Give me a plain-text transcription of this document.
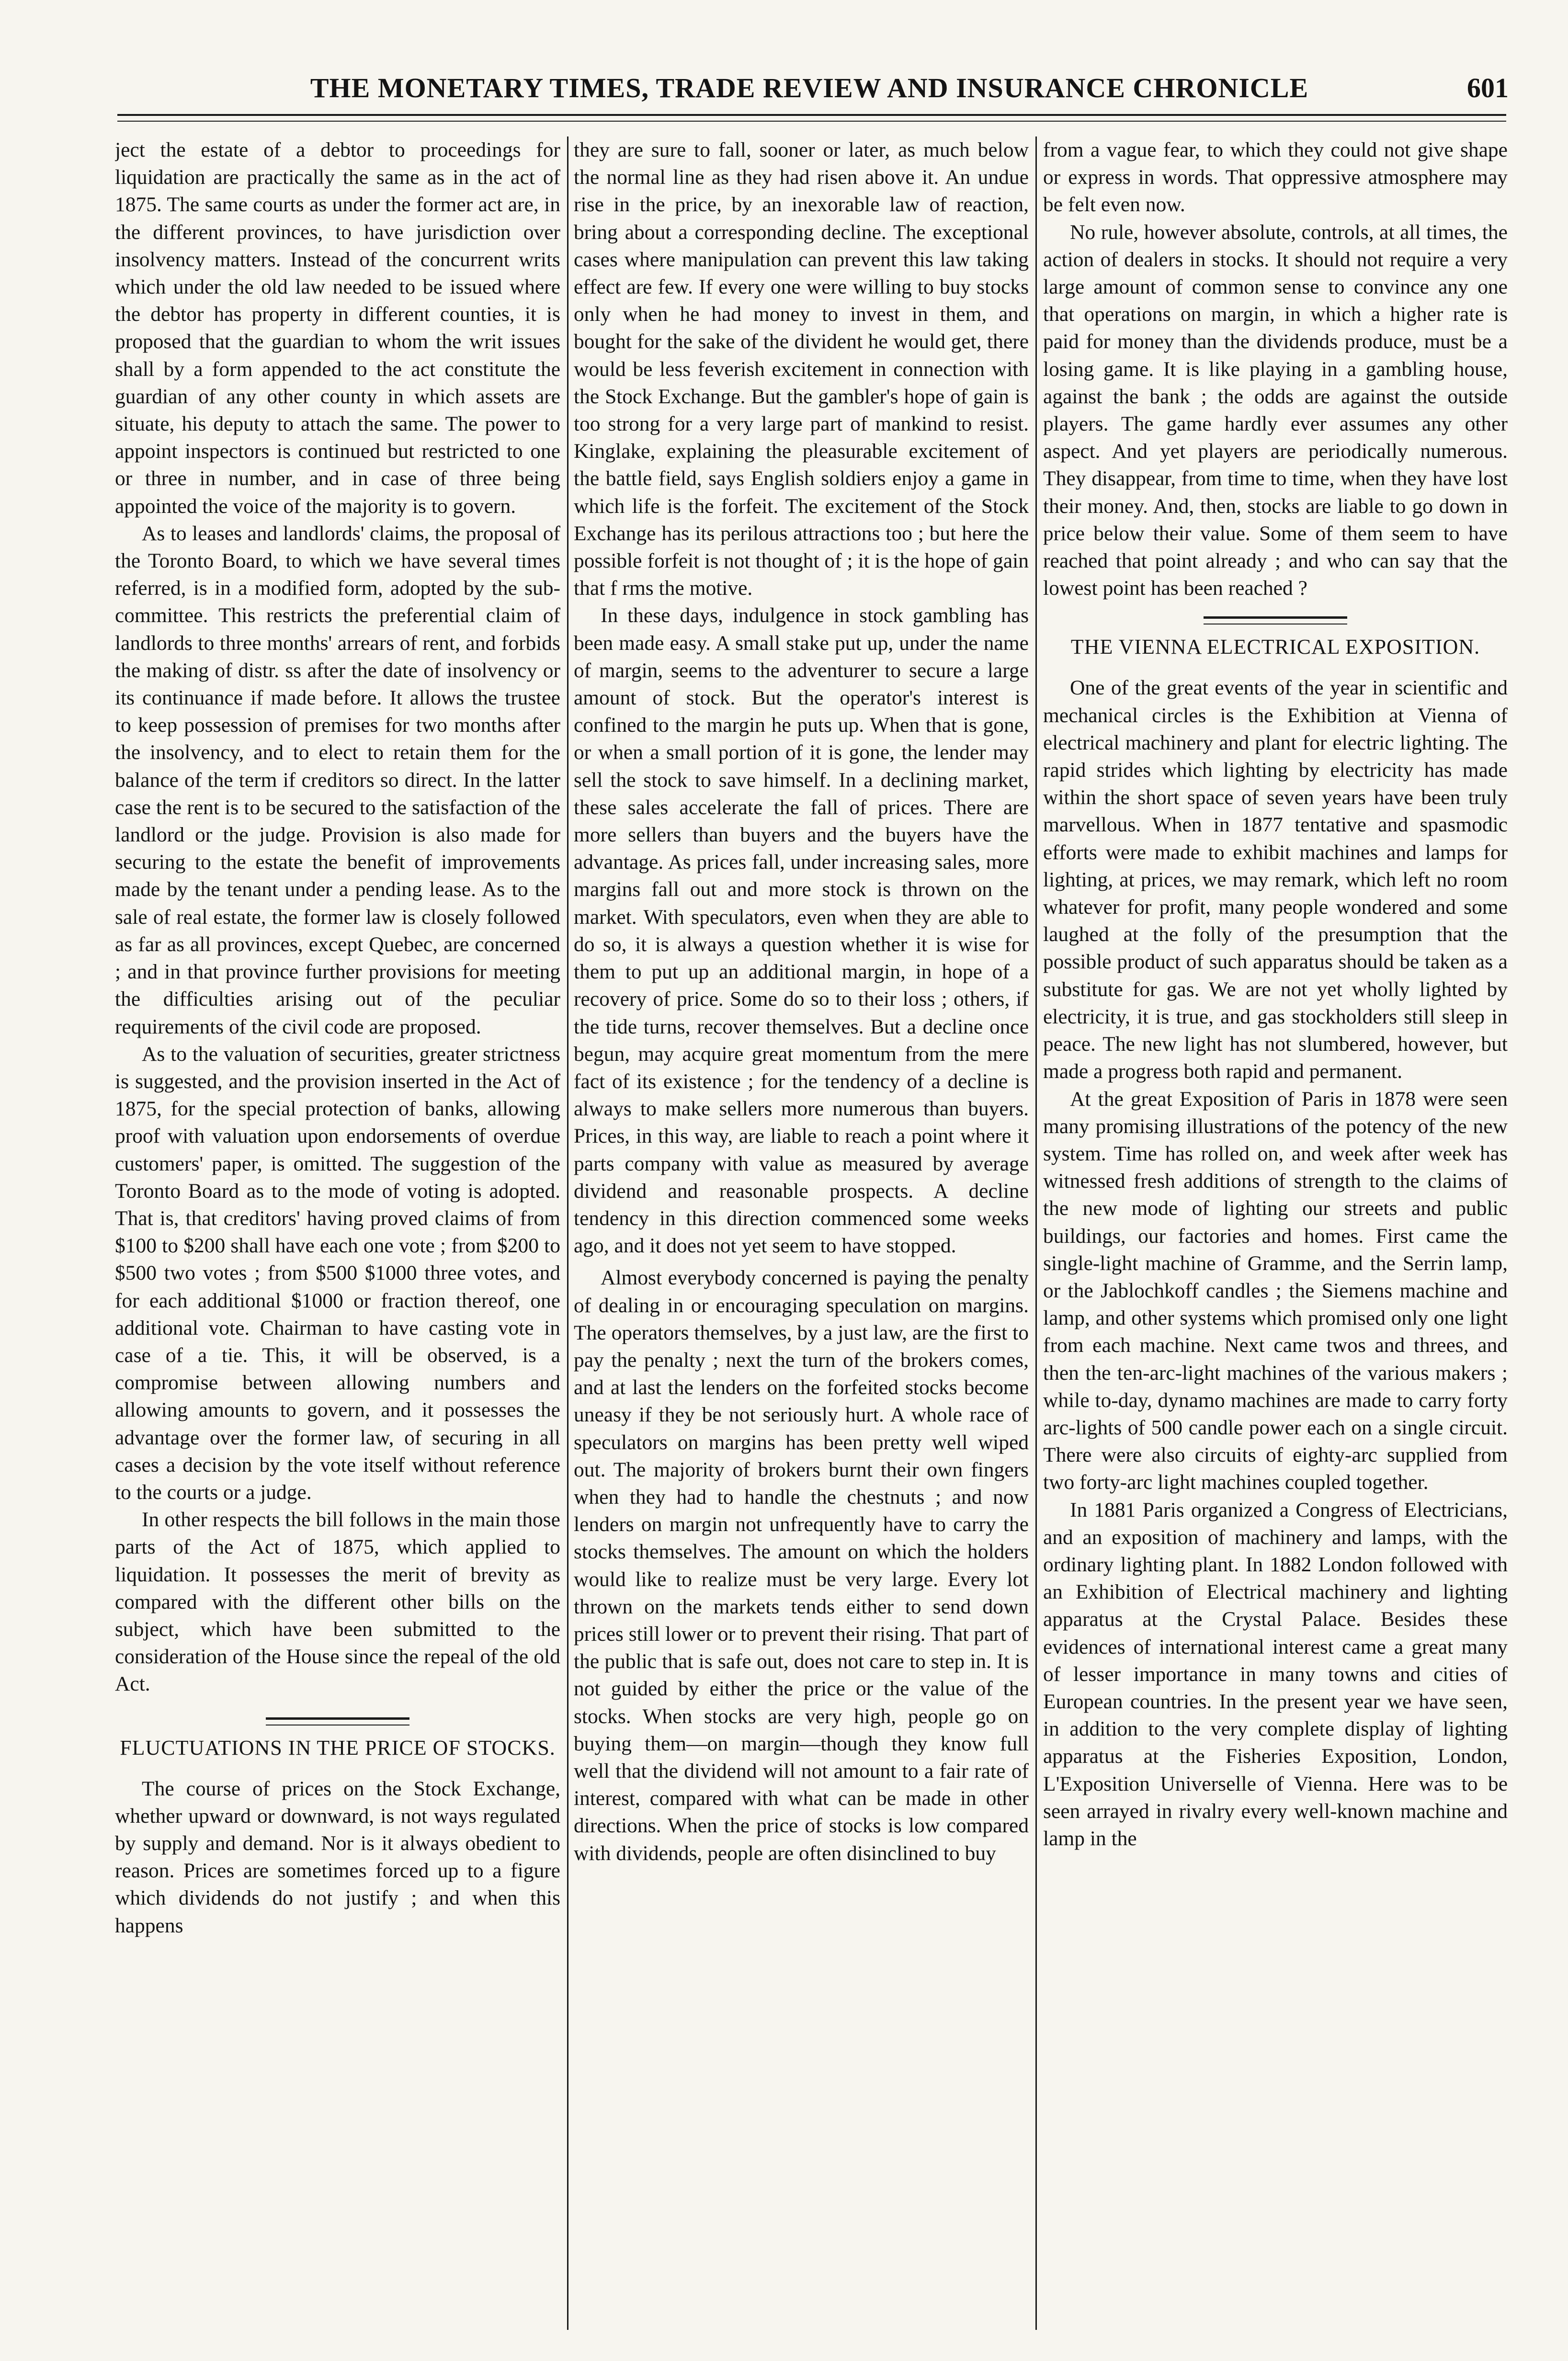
THE MONETARY TIMES, TRADE REVIEW AND INSURANCE CHRONICLE	601

ject the estate of a debtor to proceedings for liquidation are practically the same as in the act of 1875. The same courts as under the former act are, in the different provinces, to have jurisdiction over insolvency matters. Instead of the concurrent writs which under the old law needed to be issued where the debtor has property in different counties, it is proposed that the guardian to whom the writ issues shall by a form appended to the act constitute the guardian of any other county in which assets are situate, his deputy to attach the same. The power to appoint inspectors is continued but restricted to one or three in number, and in case of three being appointed the voice of the majority is to govern.

As to leases and landlords' claims, the proposal of the Toronto Board, to which we have several times referred, is in a modified form, adopted by the sub-committee. This restricts the preferential claim of landlords to three months' arrears of rent, and forbids the making of distr. ss after the date of insolvency or its continuance if made before. It allows the trustee to keep possession of premises for two months after the insolvency, and to elect to retain them for the balance of the term if creditors so direct. In the latter case the rent is to be secured to the satisfaction of the landlord or the judge. Provision is also made for securing to the estate the benefit of improvements made by the tenant under a pending lease. As to the sale of real estate, the former law is closely followed as far as all provinces, except Quebec, are concerned ; and in that province further provisions for meeting the difficulties arising out of the peculiar requirements of the civil code are proposed.

As to the valuation of securities, greater strictness is suggested, and the provision inserted in the Act of 1875, for the special protection of banks, allowing proof with valuation upon endorsements of overdue customers' paper, is omitted. The suggestion of the Toronto Board as to the mode of voting is adopted. That is, that creditors' having proved claims of from $100 to $200 shall have each one vote ; from $200 to $500 two votes ; from $500 $1000 three votes, and for each additional $1000 or fraction thereof, one additional vote. Chairman to have casting vote in case of a tie. This, it will be observed, is a compromise between allowing numbers and allowing amounts to govern, and it possesses the advantage over the former law, of securing in all cases a decision by the vote itself without reference to the courts or a judge.

In other respects the bill follows in the main those parts of the Act of 1875, which applied to liquidation. It possesses the merit of brevity as compared with the different other bills on the subject, which have been submitted to the consideration of the House since the repeal of the old Act.

FLUCTUATIONS IN THE PRICE OF STOCKS.

The course of prices on the Stock Exchange, whether upward or downward, is not ways regulated by supply and demand. Nor is it always obedient to reason. Prices are sometimes forced up to a figure which dividends do not justify ; and when this happens

they are sure to fall, sooner or later, as much below the normal line as they had risen above it. An undue rise in the price, by an inexorable law of reaction, bring about a corresponding decline. The exceptional cases where manipulation can prevent this law taking effect are few. If every one were willing to buy stocks only when he had money to invest in them, and bought for the sake of the divident he would get, there would be less feverish excitement in connection with the Stock Exchange. But the gambler's hope of gain is too strong for a very large part of mankind to resist. Kinglake, explaining the pleasurable excitement of the battle field, says English soldiers enjoy a game in which life is the forfeit. The excitement of the Stock Exchange has its perilous attractions too ; but here the possible forfeit is not thought of ; it is the hope of gain that f rms the motive.

In these days, indulgence in stock gambling has been made easy. A small stake put up, under the name of margin, seems to the adventurer to secure a large amount of stock. But the operator's interest is confined to the margin he puts up. When that is gone, or when a small portion of it is gone, the lender may sell the stock to save himself. In a declining market, these sales accelerate the fall of prices. There are more sellers than buyers and the buyers have the advantage. As prices fall, under increasing sales, more margins fall out and more stock is thrown on the market. With speculators, even when they are able to do so, it is always a question whether it is wise for them to put up an additional margin, in hope of a recovery of price. Some do so to their loss ; others, if the tide turns, recover themselves. But a decline once begun, may acquire great momentum from the mere fact of its existence ; for the tendency of a decline is always to make sellers more numerous than buyers. Prices, in this way, are liable to reach a point where it parts company with value as measured by average dividend and reasonable prospects. A decline tendency in this direction commenced some weeks ago, and it does not yet seem to have stopped.

Almost everybody concerned is paying the penalty of dealing in or encouraging speculation on margins. The operators themselves, by a just law, are the first to pay the penalty ; next the turn of the brokers comes, and at last the lenders on the forfeited stocks become uneasy if they be not seriously hurt. A whole race of speculators on margins has been pretty well wiped out. The majority of brokers burnt their own fingers when they had to handle the chestnuts ; and now lenders on margin not unfrequently have to carry the stocks themselves. The amount on which the holders would like to realize must be very large. Every lot thrown on the markets tends either to send down prices still lower or to prevent their rising. That part of the public that is safe out, does not care to step in. It is not guided by either the price or the value of the stocks. When stocks are very high, people go on buying them—on margin—though they know full well that the dividend will not amount to a fair rate of interest, compared with what can be made in other directions. When the price of stocks is low compared with dividends, people are often disinclined to buy

from a vague fear, to which they could not give shape or express in words. That oppressive atmosphere may be felt even now.

No rule, however absolute, controls, at all times, the action of dealers in stocks. It should not require a very large amount of common sense to convince any one that operations on margin, in which a higher rate is paid for money than the dividends produce, must be a losing game. It is like playing in a gambling house, against the bank ; the odds are against the outside players. The game hardly ever assumes any other aspect. And yet players are periodically numerous. They disappear, from time to time, when they have lost their money. And, then, stocks are liable to go down in price below their value. Some of them seem to have reached that point already ; and who can say that the lowest point has been reached ?

THE VIENNA ELECTRICAL EXPOSITION.

One of the great events of the year in scientific and mechanical circles is the Exhibition at Vienna of electrical machinery and plant for electric lighting. The rapid strides which lighting by electricity has made within the short space of seven years have been truly marvellous. When in 1877 tentative and spasmodic efforts were made to exhibit machines and lamps for lighting, at prices, we may remark, which left no room whatever for profit, many people wondered and some laughed at the folly of the presumption that the possible product of such apparatus should be taken as a substitute for gas. We are not yet wholly lighted by electricity, it is true, and gas stockholders still sleep in peace. The new light has not slumbered, however, but made a progress both rapid and permanent.

At the great Exposition of Paris in 1878 were seen many promising illustrations of the potency of the new system. Time has rolled on, and week after week has witnessed fresh additions of strength to the claims of the new mode of lighting our streets and public buildings, our factories and homes. First came the single-light machine of Gramme, and the Serrin lamp, or the Jablochkoff candles ; the Siemens machine and lamp, and other systems which promised only one light from each machine. Next came twos and threes, and then the ten-arc-light machines of the various makers ; while to-day, dynamo machines are made to carry forty arc-lights of 500 candle power each on a single circuit. There were also circuits of eighty-arc supplied from two forty-arc light machines coupled together.

In 1881 Paris organized a Congress of Electricians, and an exposition of machinery and lamps, with the ordinary lighting plant. In 1882 London followed with an Exhibition of Electrical machinery and lighting apparatus at the Crystal Palace. Besides these evidences of international interest came a great many of lesser importance in many towns and cities of European countries. In the present year we have seen, in addition to the very complete display of lighting apparatus at the Fisheries Exposition, London, L'Exposition Universelle of Vienna. Here was to be seen arrayed in rivalry every well-known machine and lamp in the
